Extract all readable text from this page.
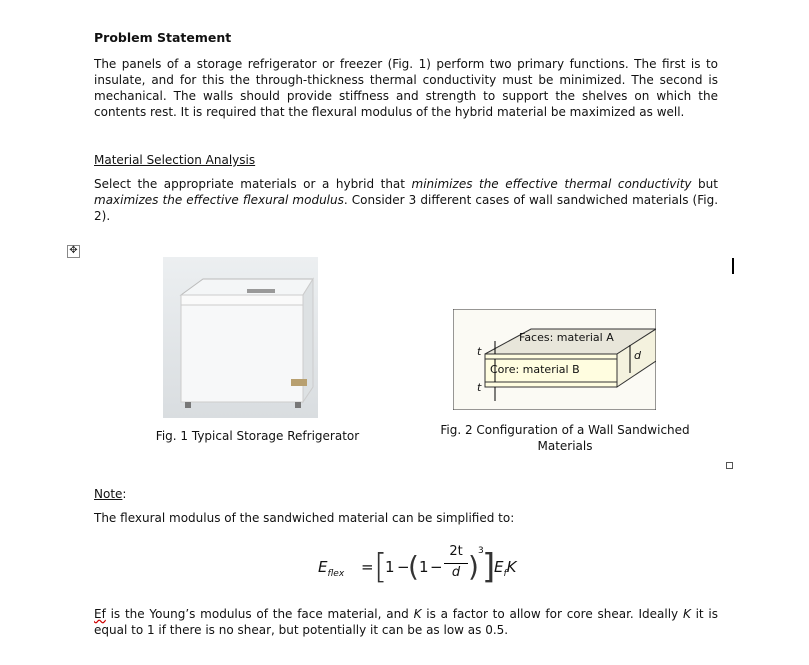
Problem Statement
The panels of a storage refrigerator or freezer (Fig. 1) perform two primary functions. The first is to insulate, and for this the through-thickness thermal conductivity must be minimized. The second is mechanical. The walls should provide stiffness and strength to support the shelves on which the contents rest. It is required that the flexural modulus of the hybrid material be maximized as well.
Material Selection Analysis
Select the appropriate materials or a hybrid that minimizes the effective thermal conductivity but maximizes the effective flexural modulus. Consider 3 different cases of wall sandwiched materials (Fig. 2).
✥
Fig. 1 Typical Storage Refrigerator
Faces: material A
Core: material B
t
t
d
Fig. 2 Configuration of a Wall Sandwiched Materials
Note:
The flexural modulus of the sandwiched material can be simplified to:
$E_{flex}$ = [
1 −
( 1 −
2t
d ) 3
]
$E_fK$
Ef is the Young’s modulus of the face material, and K is a factor to allow for core shear. Ideally K it is equal to 1 if there is no shear, but potentially it can be as low as 0.5.
